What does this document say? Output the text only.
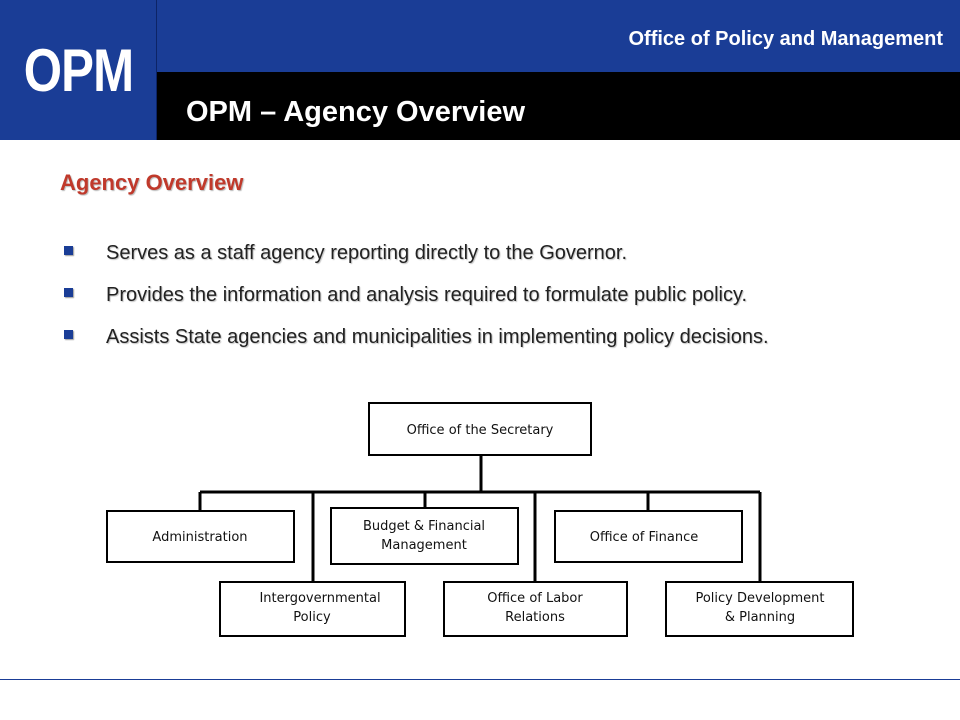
OPM	Office of Policy and Management
OPM – Agency Overview
Agency Overview
Serves as a staff agency reporting directly to the Governor.
Provides the information and analysis required to formulate public policy.
Assists State agencies and municipalities in implementing policy decisions.
Office of the Secretary
Administration
Budget & Financial
Management
Office of Finance
Intergovernmental
Policy
Office of Labor
Relations
Policy Development
& Planning
